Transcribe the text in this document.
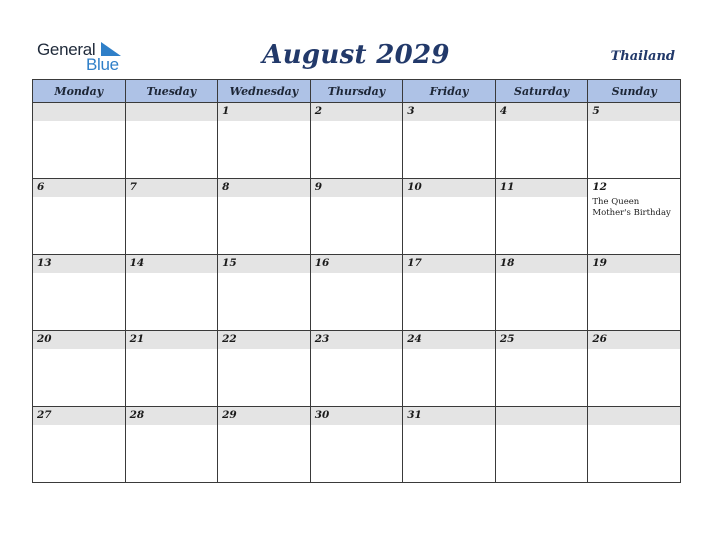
General
Blue	August 2029	Thailand
Monday	Tuesday	Wednesday	Thursday	Friday	Saturday	Sunday

		1	2	3	4	5

6	7	8	9	10	11	12
The Queen Mother's Birthday

13	14	15	16	17	18	19

20	21	22	23	24	25	26

27	28	29	30	31		
